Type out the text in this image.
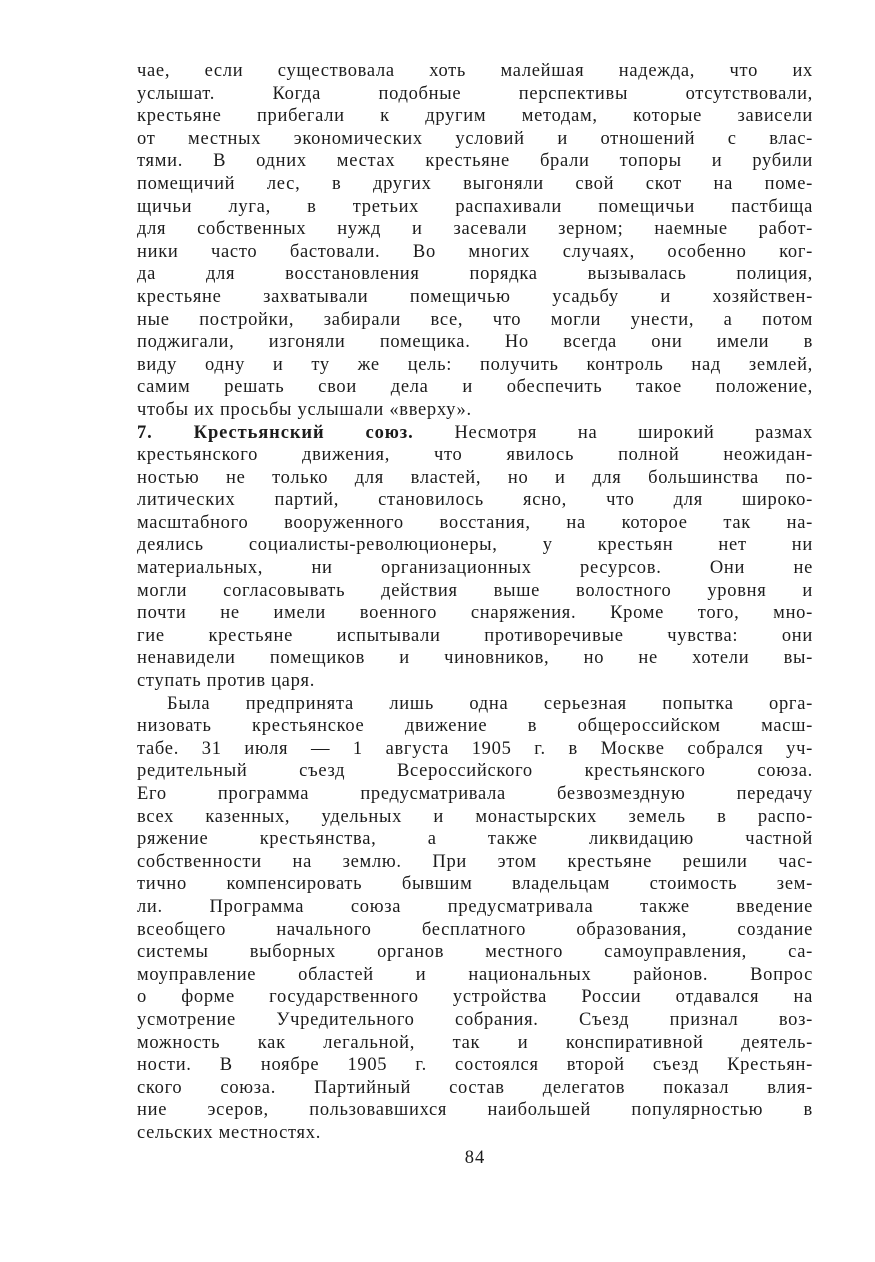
чае, если существовала хоть малейшая надежда, что их
услышат. Когда подобные перспективы отсутствовали,
крестьяне прибегали к другим методам, которые зависели
от местных экономических условий и отношений с влас-
тями. В одних местах крестьяне брали топоры и рубили
помещичий лес, в других выгоняли свой скот на поме-
щичьи луга, в третьих распахивали помещичьи пастбища
для собственных нужд и засевали зерном; наемные работ-
ники часто бастовали. Во многих случаях, особенно ког-
да для восстановления порядка вызывалась полиция,
крестьяне захватывали помещичью усадьбу и хозяйствен-
ные постройки, забирали все, что могли унести, а потом
поджигали, изгоняли помещика. Но всегда они имели в
виду одну и ту же цель: получить контроль над землей,
самим решать свои дела и обеспечить такое положение,
чтобы их просьбы услышали «вверху».
7. Крестьянский союз. Несмотря на широкий размах
крестьянского движения, что явилось полной неожидан-
ностью не только для властей, но и для большинства по-
литических партий, становилось ясно, что для широко-
масштабного вооруженного восстания, на которое так на-
деялись социалисты-революционеры, у крестьян нет ни
материальных, ни организационных ресурсов. Они не
могли согласовывать действия выше волостного уровня и
почти не имели военного снаряжения. Кроме того, мно-
гие крестьяне испытывали противоречивые чувства: они
ненавидели помещиков и чиновников, но не хотели вы-
ступать против царя.
Была предпринята лишь одна серьезная попытка орга-
низовать крестьянское движение в общероссийском масш-
табе. 31 июля — 1 августа 1905 г. в Москве собрался уч-
редительный съезд Всероссийского крестьянского союза.
Его программа предусматривала безвозмездную передачу
всех казенных, удельных и монастырских земель в распо-
ряжение крестьянства, а также ликвидацию частной
собственности на землю. При этом крестьяне решили час-
тично компенсировать бывшим владельцам стоимость зем-
ли. Программа союза предусматривала также введение
всеобщего начального бесплатного образования, создание
системы выборных органов местного самоуправления, са-
моуправление областей и национальных районов. Вопрос
о форме государственного устройства России отдавался на
усмотрение Учредительного собрания. Съезд признал воз-
можность как легальной, так и конспиративной деятель-
ности. В ноябре 1905 г. состоялся второй съезд Крестьян-
ского союза. Партийный состав делегатов показал влия-
ние эсеров, пользовавшихся наибольшей популярностью в
сельских местностях.
84
